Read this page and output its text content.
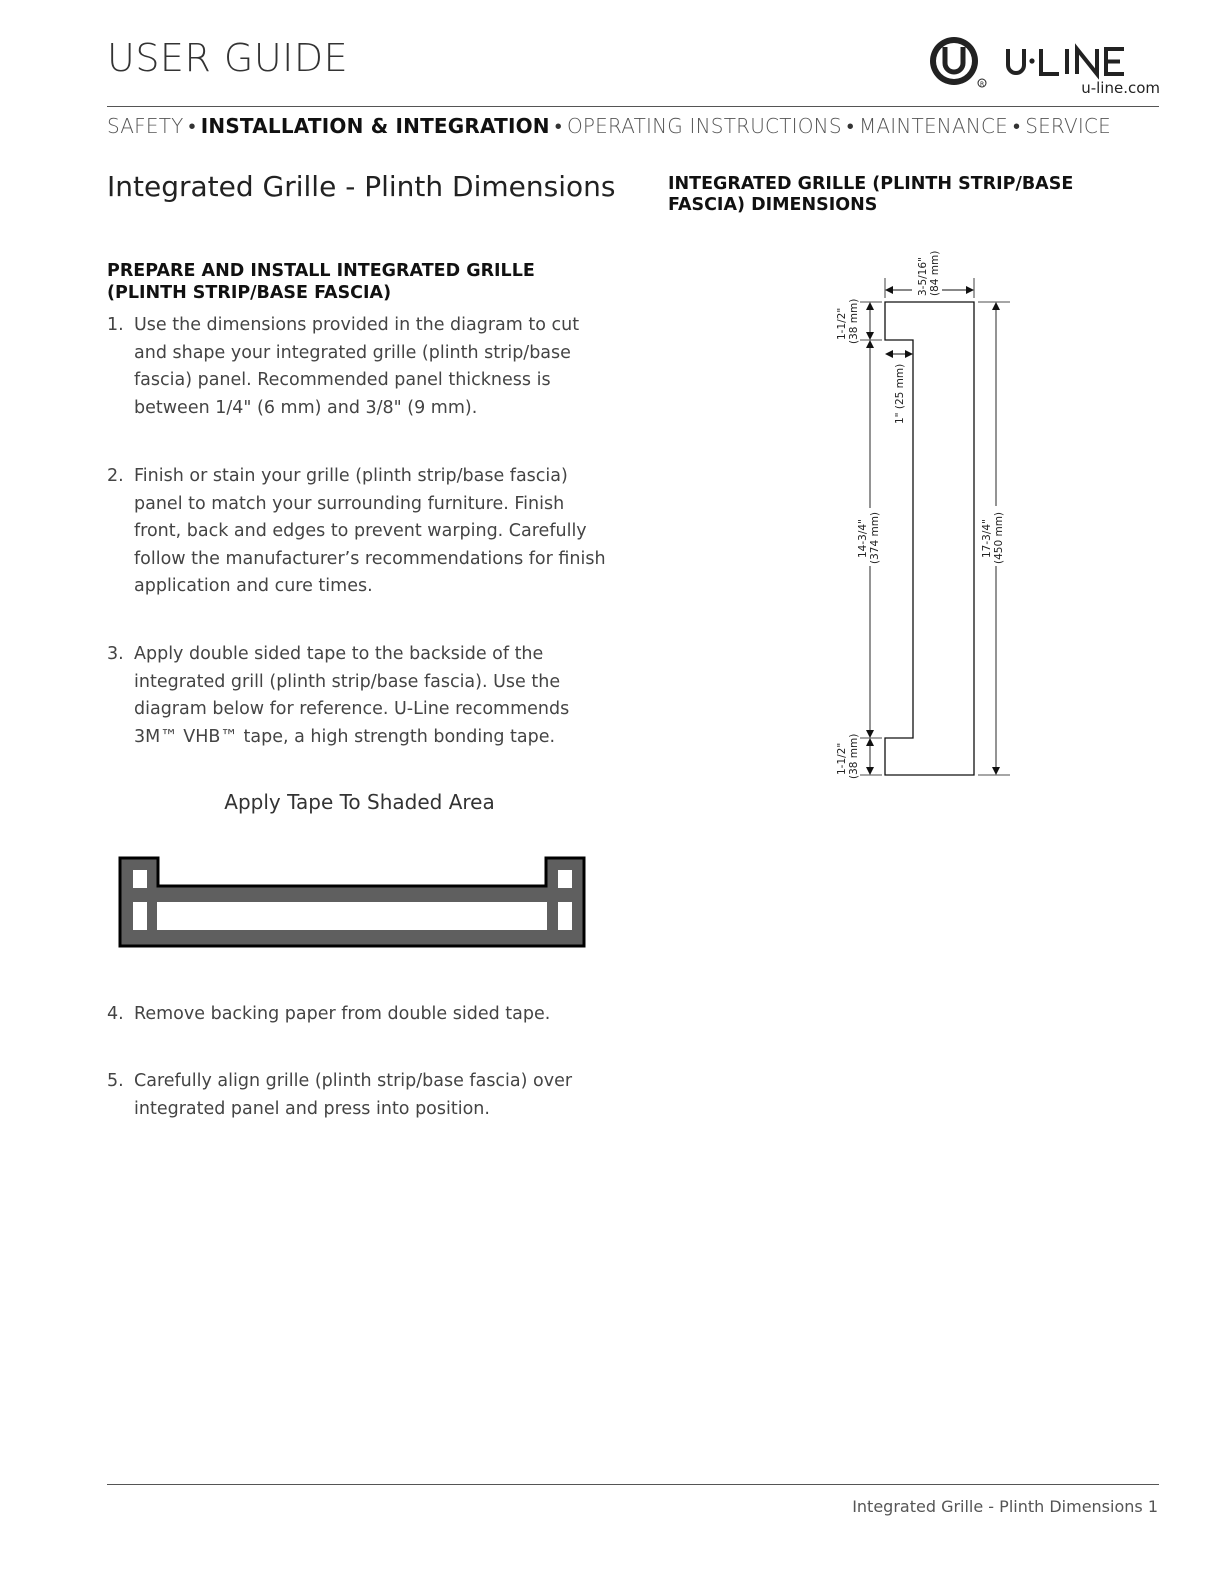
USER GUIDE
R	u-line.com
SAFETY • INSTALLATION & INTEGRATION • OPERATING INSTRUCTIONS • MAINTENANCE • SERVICE
Integrated Grille - Plinth Dimensions
PREPARE AND INSTALL INTEGRATED GRILLE (PLINTH STRIP/BASE FASCIA)
1. Use the dimensions provided in the diagram to cut and shape your integrated grille (plinth strip/base fascia) panel. Recommended panel thickness is between 1/4" (6 mm) and 3/8" (9 mm).
2. Finish or stain your grille (plinth strip/base fascia) panel to match your surrounding furniture. Finish front, back and edges to prevent warping. Carefully follow the manufacturer’s recommendations for finish application and cure times.
3. Apply double sided tape to the backside of the integrated grill (plinth strip/base fascia). Use the diagram below for reference. U-Line recommends 3M™ VHB™ tape, a high strength bonding tape.
Apply Tape To Shaded Area
4. Remove backing paper from double sided tape.
5. Carefully align grille (plinth strip/base fascia) over integrated panel and press into position.
INTEGRATED GRILLE (PLINTH STRIP/BASE FASCIA) DIMENSIONS
3-5/16" (84 mm)
1-1/2" (38 mm)
1" (25 mm)
14-3/4" (374 mm)
1-1/2" (38 mm)
17-3/4" (450 mm)
Integrated Grille - Plinth Dimensions 1
